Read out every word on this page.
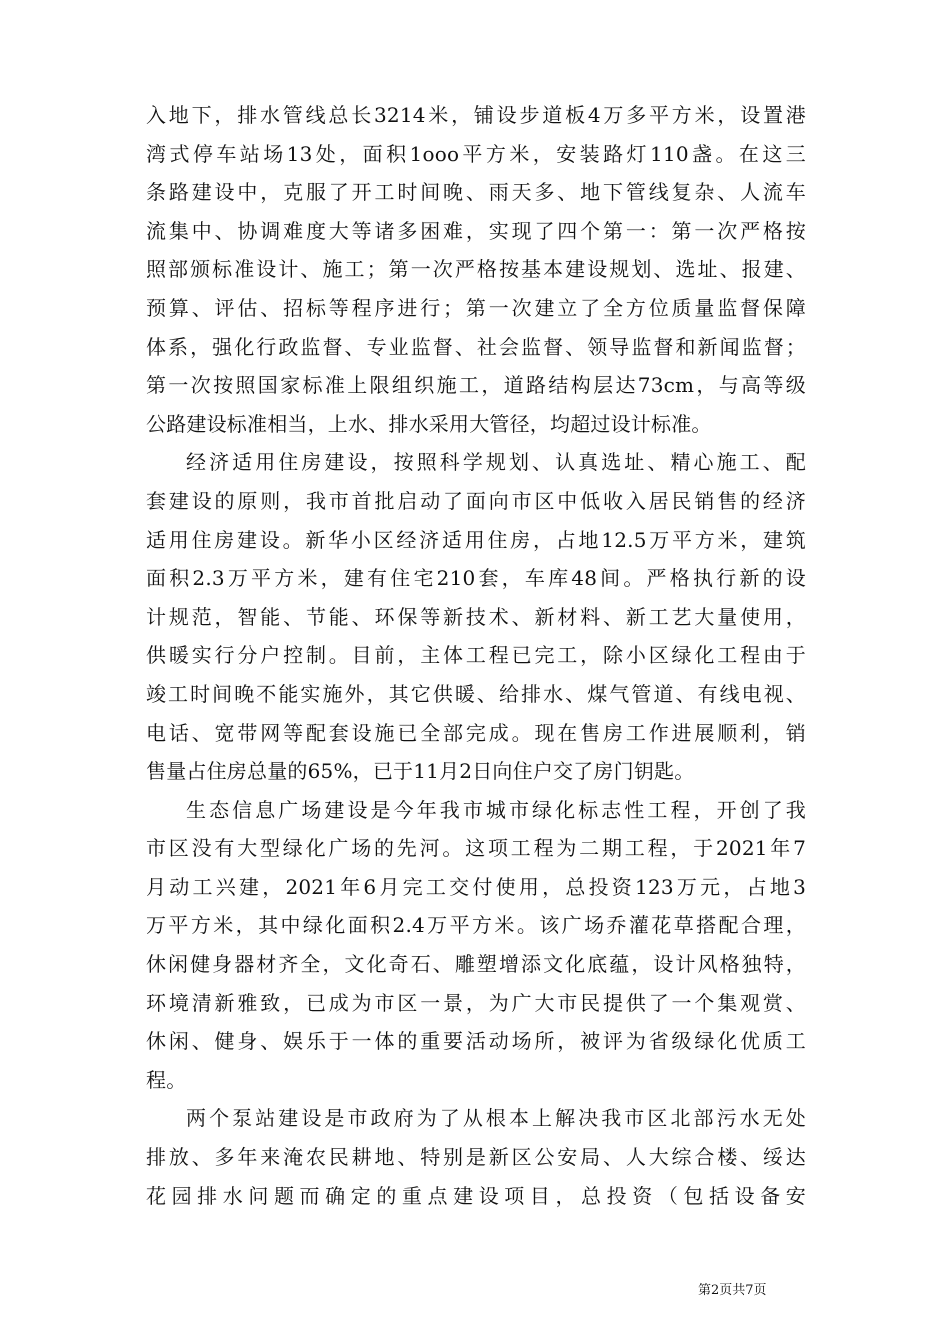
入地下，排水管线总长3214米，铺设步道板4万多平方米，设置港
湾式停车站场13处，面积1ooo平方米，安装路灯110盏。在这三
条路建设中，克服了开工时间晚、雨天多、地下管线复杂、人流车
流集中、协调难度大等诸多困难，实现了四个第一：第一次严格按
照部颁标准设计、施工；第一次严格按基本建设规划、选址、报建、
预算、评估、招标等程序进行；第一次建立了全方位质量监督保障
体系，强化行政监督、专业监督、社会监督、领导监督和新闻监督；
第一次按照国家标准上限组织施工，道路结构层达73cm，与高等级
公路建设标准相当，上水、排水采用大管径，均超过设计标准。
经济适用住房建设，按照科学规划、认真选址、精心施工、配
套建设的原则，我市首批启动了面向市区中低收入居民销售的经济
适用住房建设。新华小区经济适用住房，占地12.5万平方米，建筑
面积2.3万平方米，建有住宅210套，车库48间。严格执行新的设
计规范，智能、节能、环保等新技术、新材料、新工艺大量使用，
供暖实行分户控制。目前，主体工程已完工，除小区绿化工程由于
竣工时间晚不能实施外，其它供暖、给排水、煤气管道、有线电视、
电话、宽带网等配套设施已全部完成。现在售房工作进展顺利，销
售量占住房总量的65%，已于11月2日向住户交了房门钥匙。
生态信息广场建设是今年我市城市绿化标志性工程，开创了我
市区没有大型绿化广场的先河。这项工程为二期工程，于2021年7
月动工兴建，2021年6月完工交付使用，总投资123万元，占地3
万平方米，其中绿化面积2.4万平方米。该广场乔灌花草搭配合理，
休闲健身器材齐全，文化奇石、雕塑增添文化底蕴，设计风格独特，
环境清新雅致，已成为市区一景，为广大市民提供了一个集观赏、
休闲、健身、娱乐于一体的重要活动场所，被评为省级绿化优质工
程。
两个泵站建设是市政府为了从根本上解决我市区北部污水无处
排放、多年来淹农民耕地、特别是新区公安局、人大综合楼、绥达
花园排水问题而确定的重点建设项目，总投资（包括设备安
第2页共7页
